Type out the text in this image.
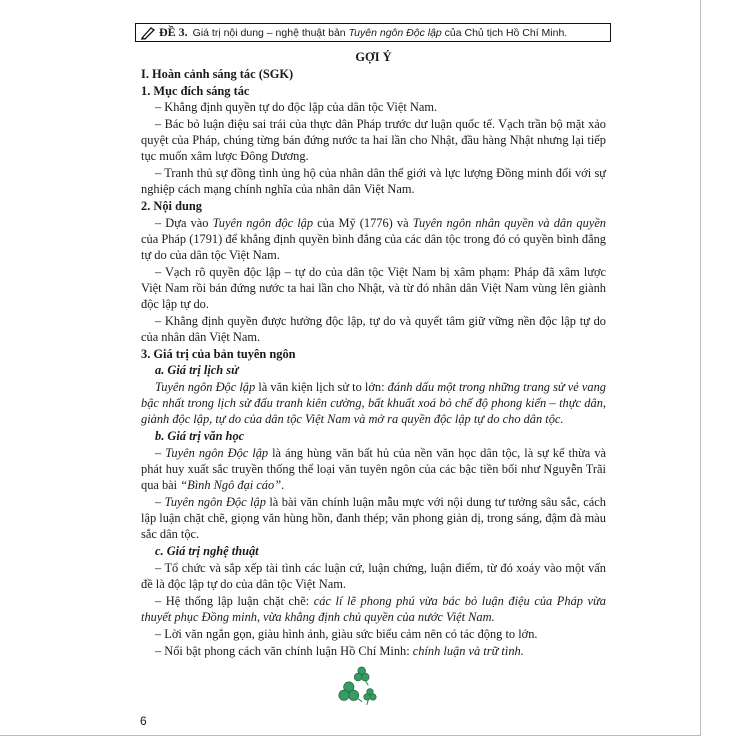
ĐỀ 3. Giá trị nội dung – nghệ thuật bản Tuyên ngôn Độc lập của Chủ tịch Hồ Chí Minh.
GỢI Ý
I. Hoàn cảnh sáng tác (SGK)
1. Mục đích sáng tác
– Khẳng định quyền tự do độc lập của dân tộc Việt Nam.
– Bác bỏ luận điệu sai trái của thực dân Pháp trước dư luận quốc tế. Vạch trần bộ mặt xảo quyệt của Pháp, chúng từng bán đứng nước ta hai lần cho Nhật, đầu hàng Nhật nhưng lại tiếp tục muốn xâm lược Đông Dương.
– Tranh thủ sự đồng tình ủng hộ của nhân dân thế giới và lực lượng Đồng minh đối với sự nghiệp cách mạng chính nghĩa của nhân dân Việt Nam.
2. Nội dung
– Dựa vào Tuyên ngôn độc lập của Mỹ (1776) và Tuyên ngôn nhân quyền và dân quyền của Pháp (1791) để khẳng định quyền bình đẳng của các dân tộc trong đó có quyền bình đẳng tự do của dân tộc Việt Nam.
– Vạch rõ quyền độc lập – tự do của dân tộc Việt Nam bị xâm phạm: Pháp đã xâm lược Việt Nam rồi bán đứng nước ta hai lần cho Nhật, và từ đó nhân dân Việt Nam vùng lên giành độc lập tự do.
– Khẳng định quyền được hưởng độc lập, tự do và quyết tâm giữ vững nền độc lập tự do của nhân dân Việt Nam.
3. Giá trị của bản tuyên ngôn
a. Giá trị lịch sử
Tuyên ngôn Độc lập là văn kiện lịch sử to lớn: đánh dấu một trong những trang sử vẻ vang bậc nhất trong lịch sử đấu tranh kiên cường, bất khuất xoá bỏ chế độ phong kiến – thực dân, giành độc lập, tự do của dân tộc Việt Nam và mở ra quyền độc lập tự do cho dân tộc.
b. Giá trị văn học
– Tuyên ngôn Độc lập là áng hùng văn bất hủ của nền văn học dân tộc, là sự kế thừa và phát huy xuất sắc truyền thống thể loại văn tuyên ngôn của các bậc tiền bối như Nguyễn Trãi qua bài “Bình Ngô đại cáo”.
– Tuyên ngôn Độc lập là bài văn chính luận mẫu mực với nội dung tư tưởng sâu sắc, cách lập luận chặt chẽ, giọng văn hùng hồn, đanh thép; văn phong giản dị, trong sáng, đậm đà màu sắc dân tộc.
c. Giá trị nghệ thuật
– Tổ chức và sắp xếp tài tình các luận cứ, luận chứng, luận điểm, từ đó xoáy vào một vấn đề là độc lập tự do của dân tộc Việt Nam.
– Hệ thống lập luận chặt chẽ: các lí lẽ phong phú vừa bác bỏ luận điệu của Pháp vừa thuyết phục Đồng minh, vừa khẳng định chủ quyền của nước Việt Nam.
– Lời văn ngắn gọn, giàu hình ảnh, giàu sức biểu cảm nên có tác động to lớn.
– Nổi bật phong cách văn chính luận Hồ Chí Minh: chính luận và trữ tình.
6
